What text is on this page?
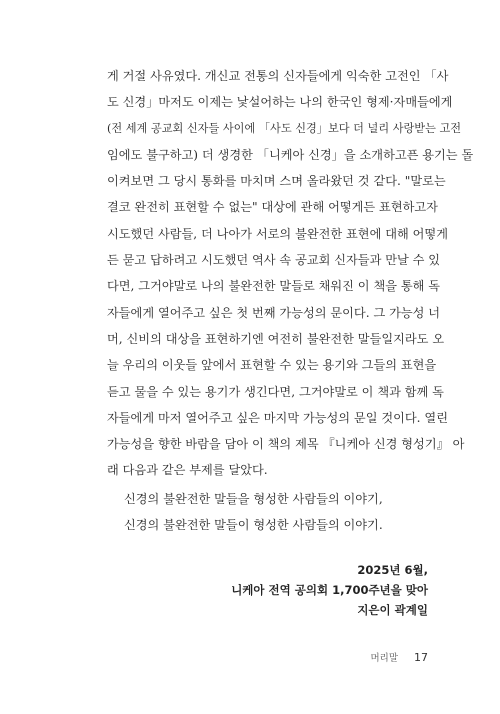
게 거절 사유였다. 개신교 전통의 신자들에게 익숙한 고전인 「사
도 신경」마저도 이제는 낯설어하는 나의 한국인 형제·자매들에게
(전 세계 공교회 신자들 사이에 「사도 신경」보다 더 널리 사랑받는 고전
임에도 불구하고) 더 생경한 「니케아 신경」을 소개하고픈 용기는 돌
이켜보면 그 당시 통화를 마치며 스며 올라왔던 것 같다. "말로는
결코 완전히 표현할 수 없는" 대상에 관해 어떻게든 표현하고자
시도했던 사람들, 더 나아가 서로의 불완전한 표현에 대해 어떻게
든 묻고 답하려고 시도했던 역사 속 공교회 신자들과 만날 수 있
다면, 그거야말로 나의 불완전한 말들로 채워진 이 책을 통해 독
자들에게 열어주고 싶은 첫 번째 가능성의 문이다. 그 가능성 너
머, 신비의 대상을 표현하기엔 여전히 불완전한 말들일지라도 오
늘 우리의 이웃들 앞에서 표현할 수 있는 용기와 그들의 표현을
듣고 물을 수 있는 용기가 생긴다면, 그거야말로 이 책과 함께 독
자들에게 마저 열어주고 싶은 마지막 가능성의 문일 것이다. 열린
가능성을 향한 바람을 담아 이 책의 제목 『니케아 신경 형성기』 아
래 다음과 같은 부제를 달았다.
신경의 불완전한 말들을 형성한 사람들의 이야기,
신경의 불완전한 말들이 형성한 사람들의 이야기.
2025년 6월,
니케아 전역 공의회 1,700주년을 맞아
지은이 곽계일
머리말 17
